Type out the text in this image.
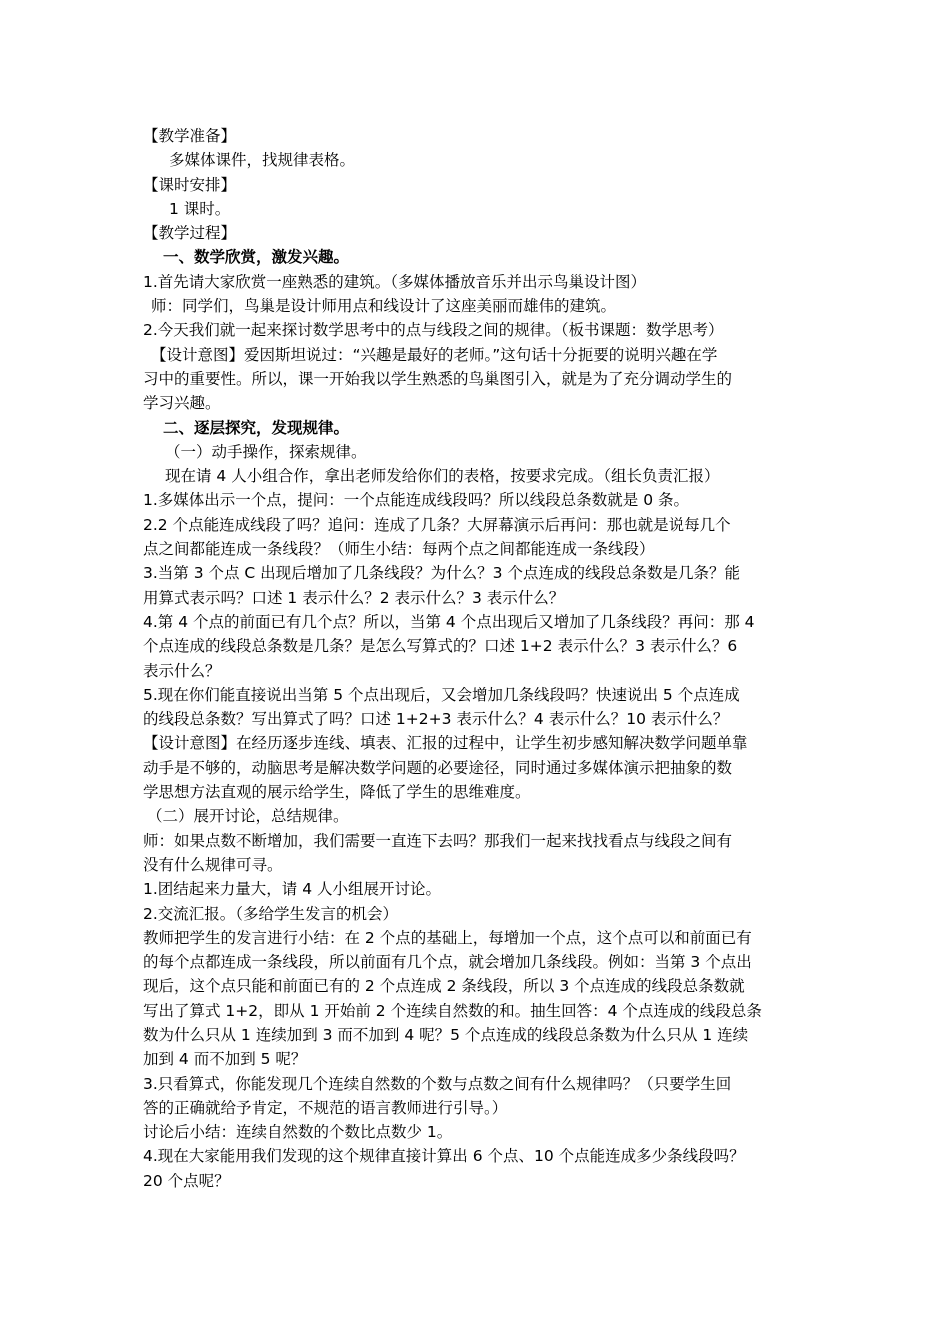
【教学准备】
多媒体课件，找规律表格。
【课时安排】
1 课时。
【教学过程】
一、数学欣赏，激发兴趣。
1.首先请大家欣赏一座熟悉的建筑。（多媒体播放音乐并出示鸟巢设计图）
师：同学们，鸟巢是设计师用点和线设计了这座美丽而雄伟的建筑。
2.今天我们就一起来探讨数学思考中的点与线段之间的规律。（板书课题：数学思考）
【设计意图】爱因斯坦说过：“兴趣是最好的老师。”这句话十分扼要的说明兴趣在学
习中的重要性。所以，课一开始我以学生熟悉的鸟巢图引入，就是为了充分调动学生的
学习兴趣。
二、逐层探究，发现规律。
（一）动手操作，探索规律。
现在请 4 人小组合作，拿出老师发给你们的表格，按要求完成。（组长负责汇报）
1.多媒体出示一个点，提问：一个点能连成线段吗？所以线段总条数就是 0 条。
2.2 个点能连成线段了吗？追问：连成了几条？大屏幕演示后再问：那也就是说每几个
点之间都能连成一条线段？（师生小结：每两个点之间都能连成一条线段）
3.当第 3 个点 C 出现后增加了几条线段？为什么？3 个点连成的线段总条数是几条？能
用算式表示吗？口述 1 表示什么？2 表示什么？3 表示什么？
4.第 4 个点的前面已有几个点？所以，当第 4 个点出现后又增加了几条线段？再问：那 4
个点连成的线段总条数是几条？是怎么写算式的？口述 1+2 表示什么？3 表示什么？6
表示什么？
5.现在你们能直接说出当第 5 个点出现后，又会增加几条线段吗？快速说出 5 个点连成
的线段总条数？写出算式了吗？口述 1+2+3 表示什么？4 表示什么？10 表示什么？
【设计意图】在经历逐步连线、填表、汇报的过程中，让学生初步感知解决数学问题单靠
动手是不够的，动脑思考是解决数学问题的必要途径，同时通过多媒体演示把抽象的数
学思想方法直观的展示给学生，降低了学生的思维难度。
（二）展开讨论，总结规律。
师：如果点数不断增加，我们需要一直连下去吗？那我们一起来找找看点与线段之间有
没有什么规律可寻。
1.团结起来力量大，请 4 人小组展开讨论。
2.交流汇报。（多给学生发言的机会）
教师把学生的发言进行小结：在 2 个点的基础上，每增加一个点，这个点可以和前面已有
的每个点都连成一条线段，所以前面有几个点，就会增加几条线段。例如：当第 3 个点出
现后，这个点只能和前面已有的 2 个点连成 2 条线段，所以 3 个点连成的线段总条数就
写出了算式 1+2，即从 1 开始前 2 个连续自然数的和。抽生回答：4 个点连成的线段总条
数为什么只从 1 连续加到 3 而不加到 4 呢？5 个点连成的线段总条数为什么只从 1 连续
加到 4 而不加到 5 呢？
3.只看算式，你能发现几个连续自然数的个数与点数之间有什么规律吗？（只要学生回
答的正确就给予肯定，不规范的语言教师进行引导。）
讨论后小结：连续自然数的个数比点数少 1。
4.现在大家能用我们发现的这个规律直接计算出 6 个点、10 个点能连成多少条线段吗？
20 个点呢？
